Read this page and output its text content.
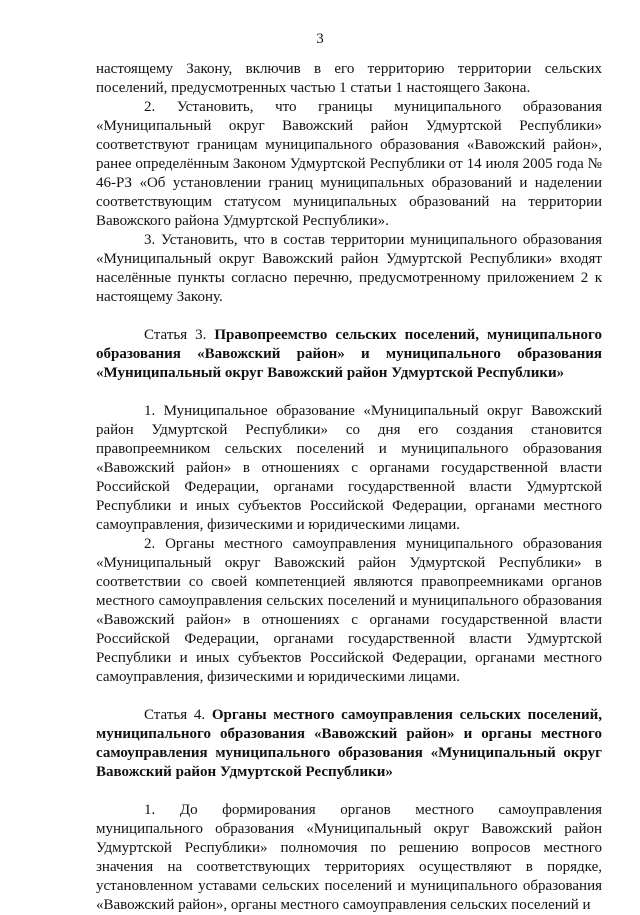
3

настоящему Закону, включив в его территорию территории сельских поселений, предусмотренных частью 1 статьи 1 настоящего Закона.

2. Установить, что границы муниципального образования «Муниципальный округ Вавожский район Удмуртской Республики» соответствуют границам муниципального образования «Вавожский район», ранее определённым Законом Удмуртской Республики от 14 июля 2005 года № 46-РЗ «Об установлении границ муниципальных образований и наделении соответствующим статусом муниципальных образований на территории Вавожского района Удмуртской Республики».

3. Установить, что в состав территории муниципального образования «Муниципальный округ Вавожский район Удмуртской Республики» входят населённые пункты согласно перечню, предусмотренному приложением 2 к настоящему Закону.

Статья 3. Правопреемство сельских поселений, муниципального образования «Вавожский район» и муниципального образования «Муниципальный округ Вавожский район Удмуртской Республики»

1. Муниципальное образование «Муниципальный округ Вавожский район Удмуртской Республики» со дня его создания становится правопреемником сельских поселений и муниципального образования «Вавожский район» в отношениях с органами государственной власти Российской Федерации, органами государственной власти Удмуртской Республики и иных субъектов Российской Федерации, органами местного самоуправления, физическими и юридическими лицами.

2. Органы местного самоуправления муниципального образования «Муниципальный округ Вавожский район Удмуртской Республики» в соответствии со своей компетенцией являются правопреемниками органов местного самоуправления сельских поселений и муниципального образования «Вавожский район» в отношениях с органами государственной власти Российской Федерации, органами государственной власти Удмуртской Республики и иных субъектов Российской Федерации, органами местного самоуправления, физическими и юридическими лицами.

Статья 4. Органы местного самоуправления сельских поселений, муниципального образования «Вавожский район» и органы местного самоуправления муниципального образования «Муниципальный округ Вавожский район Удмуртской Республики»

1. До формирования органов местного самоуправления муниципального образования «Муниципальный округ Вавожский район Удмуртской Республики» полномочия по решению вопросов местного значения на соответствующих территориях осуществляют в порядке, установленном уставами сельских поселений и муниципального образования «Вавожский район», органы местного самоуправления сельских поселений и
